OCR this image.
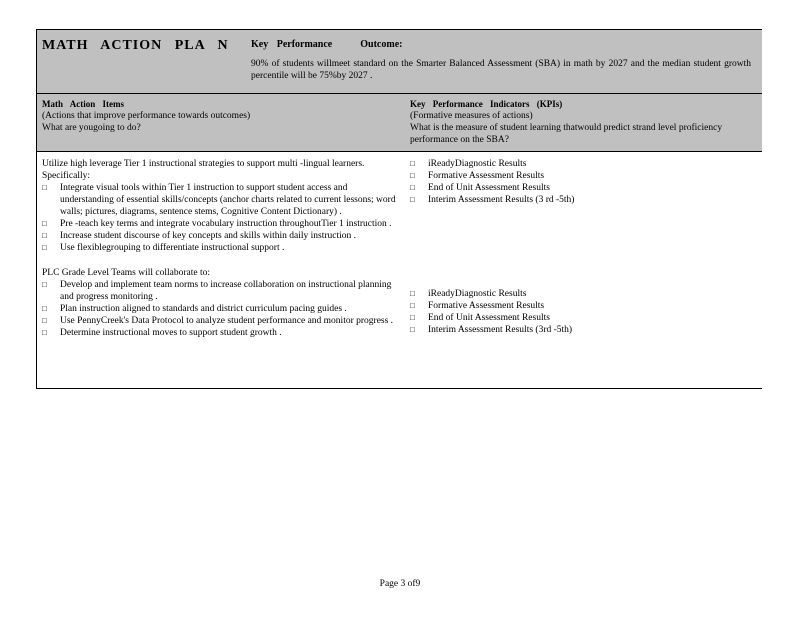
MATH ACTION PLA N Key Performance	Outcome:
90% of students willmeet standard on the Smarter Balanced Assessment (SBA) in math by 2027 and the median student growth percentile will be 75%by 2027 .
Math Action Items
(Actions that improve performance towards outcomes)
What are yougoing to do?
Key Performance Indicators (KPIs)
(Formative measures of actions)
What is the measure of student learning thatwould predict strand level proficiency performance on the SBA?
Utilize high leverage Tier 1 instructional strategies to support multi -lingual learners. Specifically:
□ Integrate visual tools within Tier 1 instruction to support student access and understanding of essential skills/concepts (anchor charts related to current lessons; word walls; pictures, diagrams, sentence stems, Cognitive Content Dictionary) .
□ Pre -teach key terms and integrate vocabulary instruction throughoutTier 1 instruction .
□ Increase student discourse of key concepts and skills within daily instruction .
□ Use flexiblegrouping to differentiate instructional support .
PLC Grade Level Teams will collaborate to:
□ Develop and implement team norms to increase collaboration on instructional planning and progress monitoring .
□ Plan instruction aligned to standards and district curriculum pacing guides .
□ Use PennyCreek's Data Protocol to analyze student performance and monitor progress .
□ Determine instructional moves to support student growth .
□ iReadyDiagnostic Results
□ Formative Assessment Results
□ End of Unit Assessment Results
□ Interim Assessment Results (3 rd -5th)
□ iReadyDiagnostic Results
□ Formative Assessment Results
□ End of Unit Assessment Results
□ Interim Assessment Results (3rd -5th)
Page 3 of9
